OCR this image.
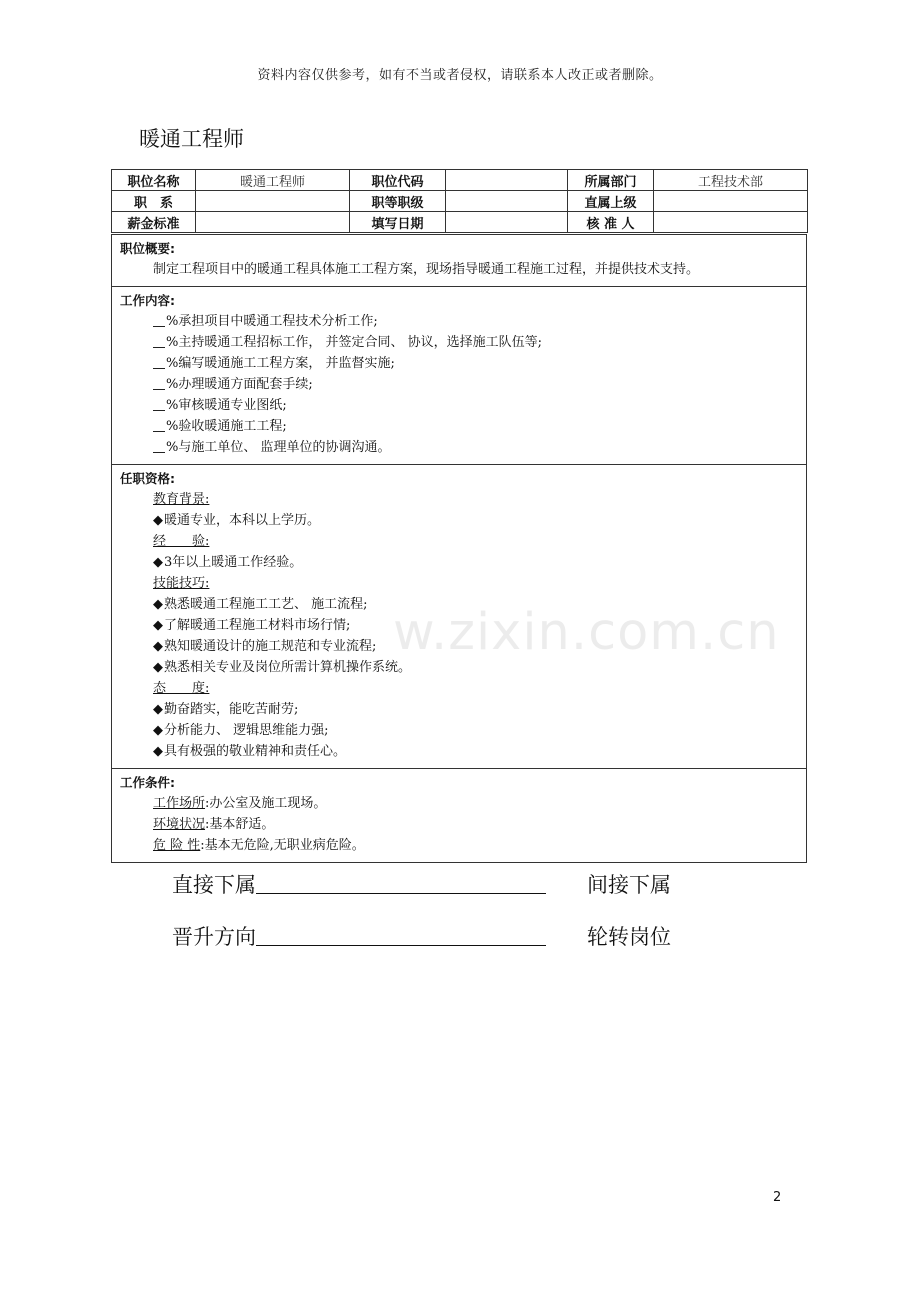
资料内容仅供参考，如有不当或者侵权，请联系本人改正或者删除。
暖通工程师
职位名称	暖通工程师	职位代码		所属部门	工程技术部
职　系		职等职级		直属上级	
薪金标准		填写日期		核 准 人	
职位概要:
制定工程项目中的暖通工程具体施工工程方案，现场指导暖通工程施工过程，并提供技术支持。
工作内容:
%承担项目中暖通工程技术分析工作;
%主持暖通工程招标工作， 并签定合同、 协议，选择施工队伍等;
%编写暖通施工工程方案， 并监督实施;
%办理暖通方面配套手续;
%审核暖通专业图纸;
%验收暖通施工工程;
%与施工单位、 监理单位的协调沟通。
任职资格:
教育背景:
◆暖通专业，本科以上学历。
经　　验:
◆3年以上暖通工作经验。
技能技巧:
◆熟悉暖通工程施工工艺、 施工流程;
◆了解暖通工程施工材料市场行情;
◆熟知暖通设计的施工规范和专业流程;
◆熟悉相关专业及岗位所需计算机操作系统。
态　　度:
◆勤奋踏实，能吃苦耐劳;
◆分析能力、 逻辑思维能力强;
◆具有极强的敬业精神和责任心。
工作条件:
工作场所:办公室及施工现场。
环境状况:基本舒适。
危 险 性:基本无危险,无职业病危险。
直接下属	间接下属
晋升方向	轮转岗位
w.zixin.com.cn
2
